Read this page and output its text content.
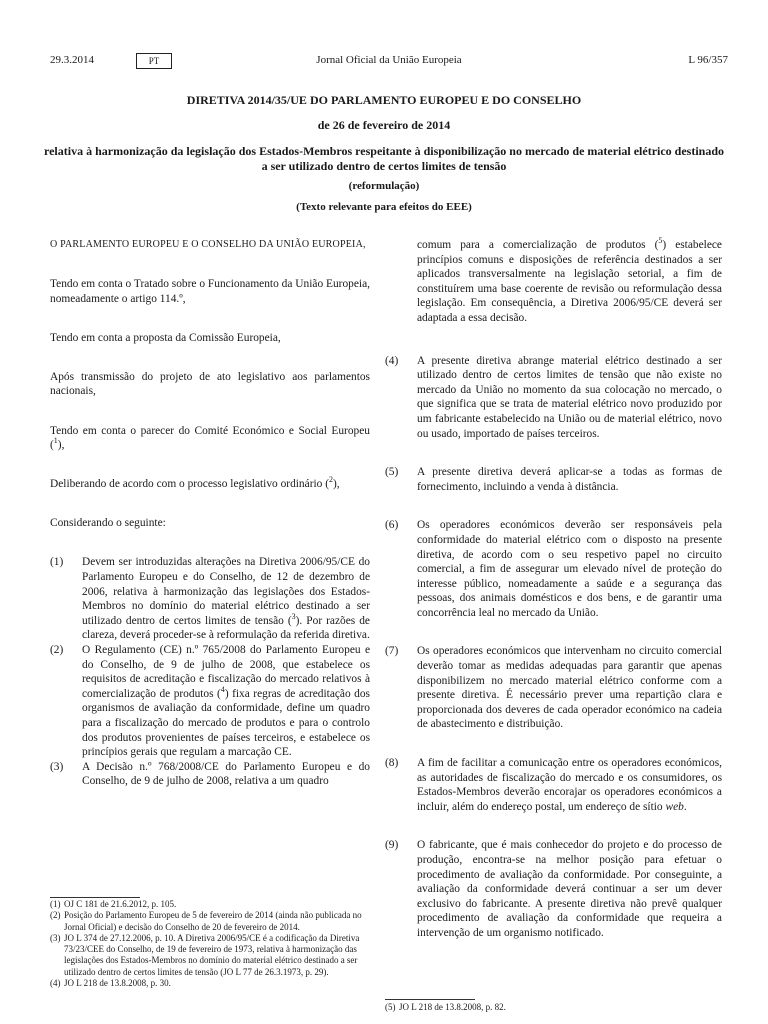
29.3.2014	PT	Jornal Oficial da União Europeia	L 96/357
DIRETIVA 2014/35/UE DO PARLAMENTO EUROPEU E DO CONSELHO
de 26 de fevereiro de 2014
relativa à harmonização da legislação dos Estados-Membros respeitante à disponibilização no mercado de material elétrico destinado a ser utilizado dentro de certos limites de tensão
(reformulação)
(Texto relevante para efeitos do EEE)

O PARLAMENTO EUROPEU E O CONSELHO DA UNIÃO EUROPEIA,

Tendo em conta o Tratado sobre o Funcionamento da União Europeia, nomeadamente o artigo 114.º,

Tendo em conta a proposta da Comissão Europeia,

Após transmissão do projeto de ato legislativo aos parlamentos nacionais,

Tendo em conta o parecer do Comité Económico e Social Europeu ($^1$),

Deliberando de acordo com o processo legislativo ordinário ($^2$),

Considerando o seguinte:

(1) Devem ser introduzidas alterações na Diretiva 2006/95/CE do Parlamento Europeu e do Conselho, de 12 de dezembro de 2006, relativa à harmonização das legislações dos Estados-Membros no domínio do material elétrico destinado a ser utilizado dentro de certos limites de tensão ($^3$). Por razões de clareza, deverá proceder-se à reformulação da referida diretiva.
(2) O Regulamento (CE) n.º 765/2008 do Parlamento Europeu e do Conselho, de 9 de julho de 2008, que estabelece os requisitos de acreditação e fiscalização do mercado relativos à comercialização de produtos ($^4$) fixa regras de acreditação dos organismos de avaliação da conformidade, define um quadro para a fiscalização do mercado de produtos e para o controlo dos produtos provenientes de países terceiros, e estabelece os princípios gerais que regulam a marcação CE.
(3) A Decisão n.º 768/2008/CE do Parlamento Europeu e do Conselho, de 9 de julho de 2008, relativa a um quadro

(1) OJ C 181 de 21.6.2012, p. 105.

(2) Posição do Parlamento Europeu de 5 de fevereiro de 2014 (ainda não publicada no Jornal Oficial) e decisão do Conselho de 20 de fevereiro de 2014.

(3) JO L 374 de 27.12.2006, p. 10. A Diretiva 2006/95/CE é a codificação da Diretiva 73/23/CEE do Conselho, de 19 de fevereiro de 1973, relativa à harmonização das legislações dos Estados-Membros no domínio do material elétrico destinado a ser utilizado dentro de certos limites de tensão (JO L 77 de 26.3.1973, p. 29).

(4) JO L 218 de 13.8.2008, p. 30.

comum para a comercialização de produtos ($^5$) estabelece princípios comuns e disposições de referência destinados a ser aplicados transversalmente na legislação setorial, a fim de constituírem uma base coerente de revisão ou reformulação dessa legislação. Em consequência, a Diretiva 2006/95/CE deverá ser adaptada a essa decisão.
(4) A presente diretiva abrange material elétrico destinado a ser utilizado dentro de certos limites de tensão que não existe no mercado da União no momento da sua colocação no mercado, o que significa que se trata de material elétrico novo produzido por um fabricante estabelecido na União ou de material elétrico, novo ou usado, importado de países terceiros.
(5) A presente diretiva deverá aplicar-se a todas as formas de fornecimento, incluindo a venda à distância.
(6) Os operadores económicos deverão ser responsáveis pela conformidade do material elétrico com o disposto na presente diretiva, de acordo com o seu respetivo papel no circuito comercial, a fim de assegurar um elevado nível de proteção do interesse público, nomeadamente a saúde e a segurança das pessoas, dos animais domésticos e dos bens, e de garantir uma concorrência leal no mercado da União.
(7) Os operadores económicos que intervenham no circuito comercial deverão tomar as medidas adequadas para garantir que apenas disponibilizem no mercado material elétrico conforme com a presente diretiva. É necessário prever uma repartição clara e proporcionada dos deveres de cada operador económico na cadeia de abastecimento e distribuição.
(8) A fim de facilitar a comunicação entre os operadores económicos, as autoridades de fiscalização do mercado e os consumidores, os Estados-Membros deverão encorajar os operadores económicos a incluir, além do endereço postal, um endereço de sítio web.
(9) O fabricante, que é mais conhecedor do projeto e do processo de produção, encontra-se na melhor posição para efetuar o procedimento de avaliação da conformidade. Por conseguinte, a avaliação da conformidade deverá continuar a ser um dever exclusivo do fabricante. A presente diretiva não prevê qualquer procedimento de avaliação da conformidade que requeira a intervenção de um organismo notificado.

(5) JO L 218 de 13.8.2008, p. 82.
